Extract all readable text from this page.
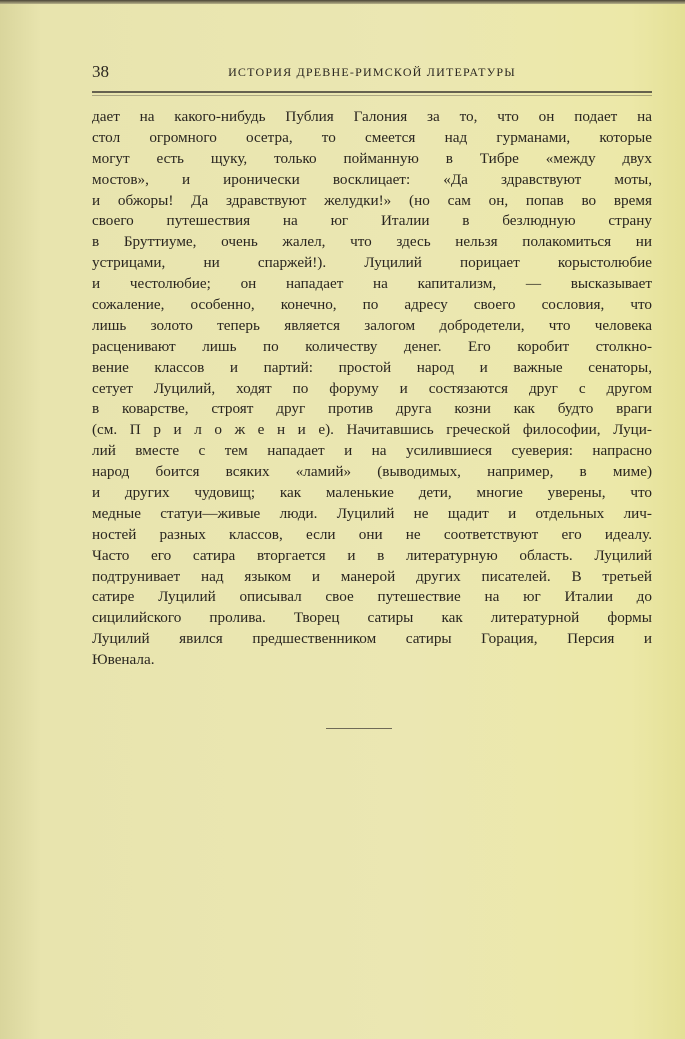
38	ИСТОРИЯ ДРЕВНЕ-РИМСКОЙ ЛИТЕРАТУРЫ
дает на какого-нибудь Публия Галония за то, что он подает на
стол огромного осетра, то смеется над гурманами, которые
могут есть щуку, только пойманную в Тибре «между двух
мостов», и иронически восклицает: «Да здравствуют моты,
и обжоры! Да здравствуют желудки!» (но сам он, попав во время
своего путешествия на юг Италии в безлюдную страну
в Бруттиуме, очень жалел, что здесь нельзя полакомиться ни
устрицами, ни спаржей!). Луцилий порицает корыстолюбие
и честолюбие; он нападает на капитализм, — высказывает
сожаление, особенно, конечно, по адресу своего сословия, что
лишь золото теперь является залогом добродетели, что человека
расценивают лишь по количеству денег. Его коробит столкно-
вение классов и партий: простой народ и важные сенаторы,
сетует Луцилий, ходят по форуму и состязаются друг с другом
в коварстве, строят друг против друга козни как будто враги
(см. П р и л о ж е н и е). Начитавшись греческой философии, Луци-
лий вместе с тем нападает и на усилившиеся суеверия: напрасно
народ боится всяких «ламий» (выводимых, например, в миме)
и других чудовищ; как маленькие дети, многие уверены, что
медные статуи—живые люди. Луцилий не щадит и отдельных лич-
ностей разных классов, если они не соответствуют его идеалу.
Часто его сатира вторгается и в литературную область. Луцилий
подтрунивает над языком и манерой других писателей. В третьей
сатире Луцилий описывал свое путешествие на юг Италии до
сицилийского пролива. Творец сатиры как литературной формы
Луцилий явился предшественником сатиры Горация, Персия и
Ювенала.
